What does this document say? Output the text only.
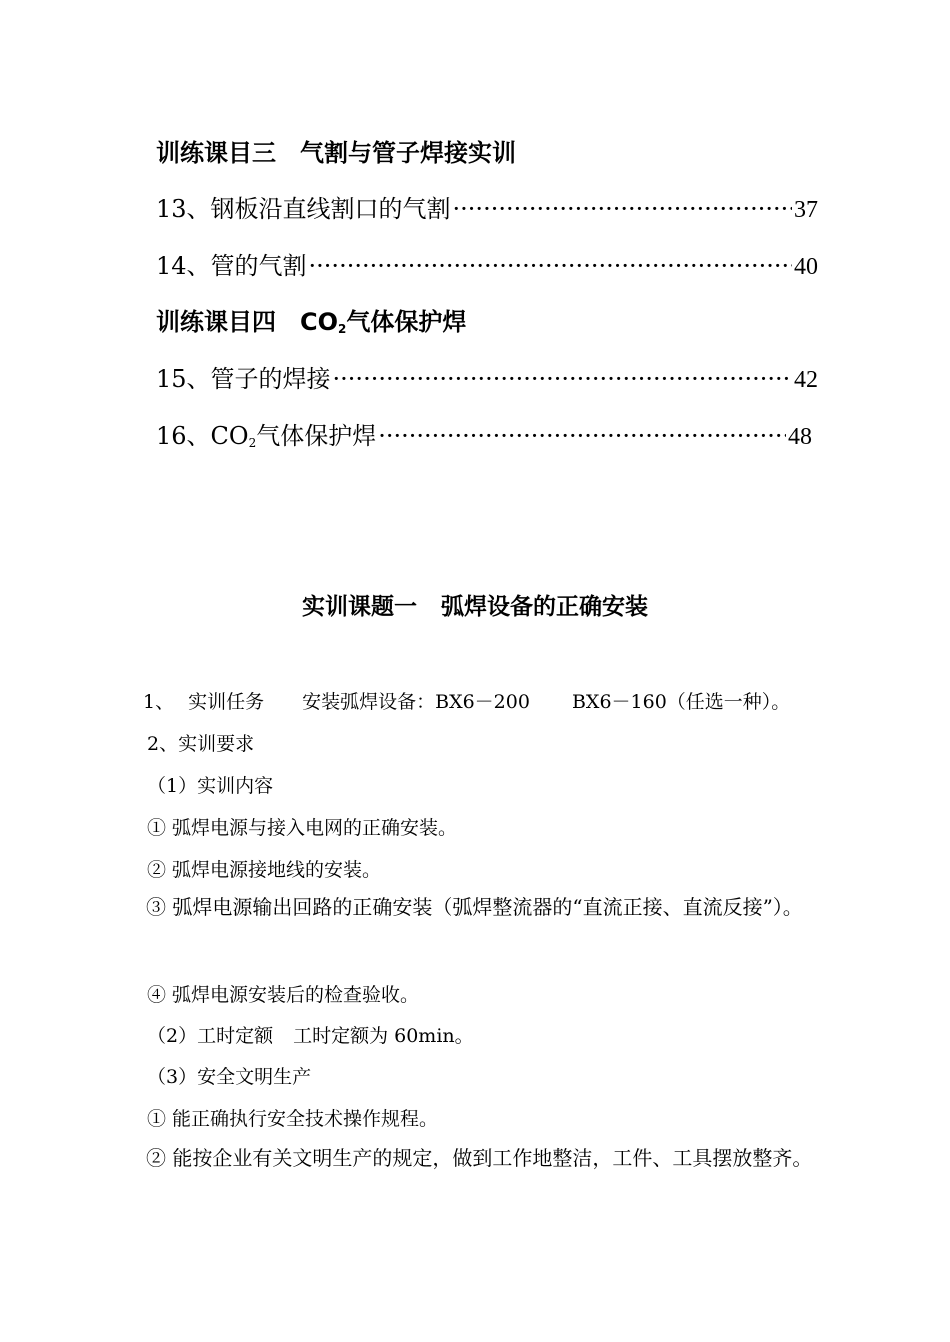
训练课目三 气割与管子焊接实训
13、钢板沿直线割口的气割 ·····	37
14、管的气割 ·····	40
训练课目四 $CO_2$气体保护焊
15、管子的焊接 ·····	42
16、$CO_2$气体保护焊 ·····	48
实训课题一 弧焊设备的正确安装
1、 实训任务 安装弧焊设备：BX6－200 BX6－160（任选一种）。
2、实训要求
（1）实训内容
① 弧焊电源与接入电网的正确安装。
② 弧焊电源接地线的安装。
③ 弧焊电源输出回路的正确安装（弧焊整流器的“直流正接、直流反接”）。
④ 弧焊电源安装后的检查验收。
（2）工时定额 工时定额为 60min。
（3）安全文明生产
① 能正确执行安全技术操作规程。
② 能按企业有关文明生产的规定，做到工作地整洁，工件、工具摆放整齐。
